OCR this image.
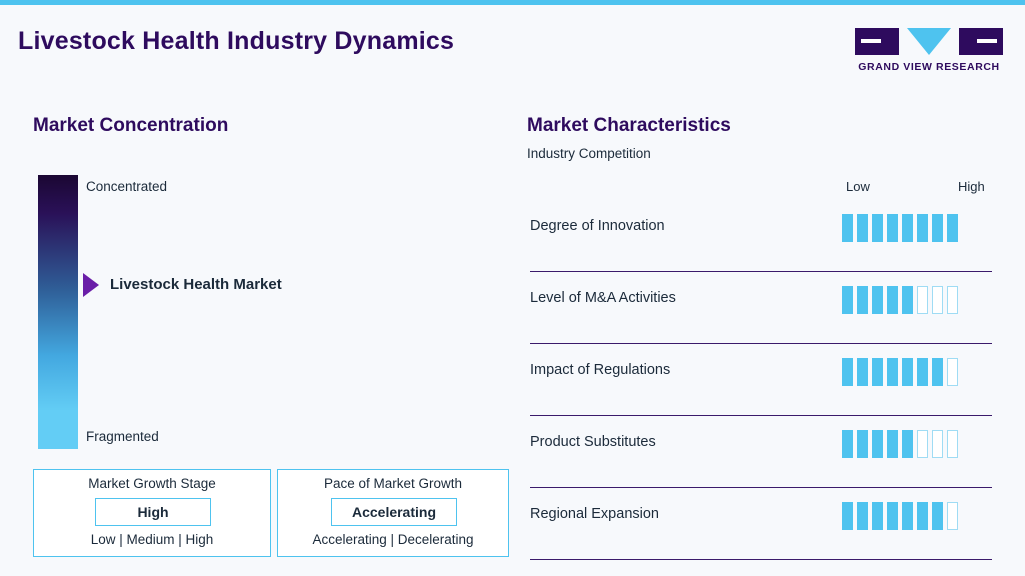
Livestock Health Industry Dynamics
GRAND VIEW RESEARCH
Market Concentration
Concentrated
Fragmented
Livestock Health Market
Market Growth Stage
High
Low | Medium | High
Pace of Market Growth
Accelerating
Accelerating | Decelerating
Market Characteristics
Industry Competition
Low	High
Degree of Innovation
Level of M&A Activities
Impact of Regulations
Product Substitutes
Regional Expansion
